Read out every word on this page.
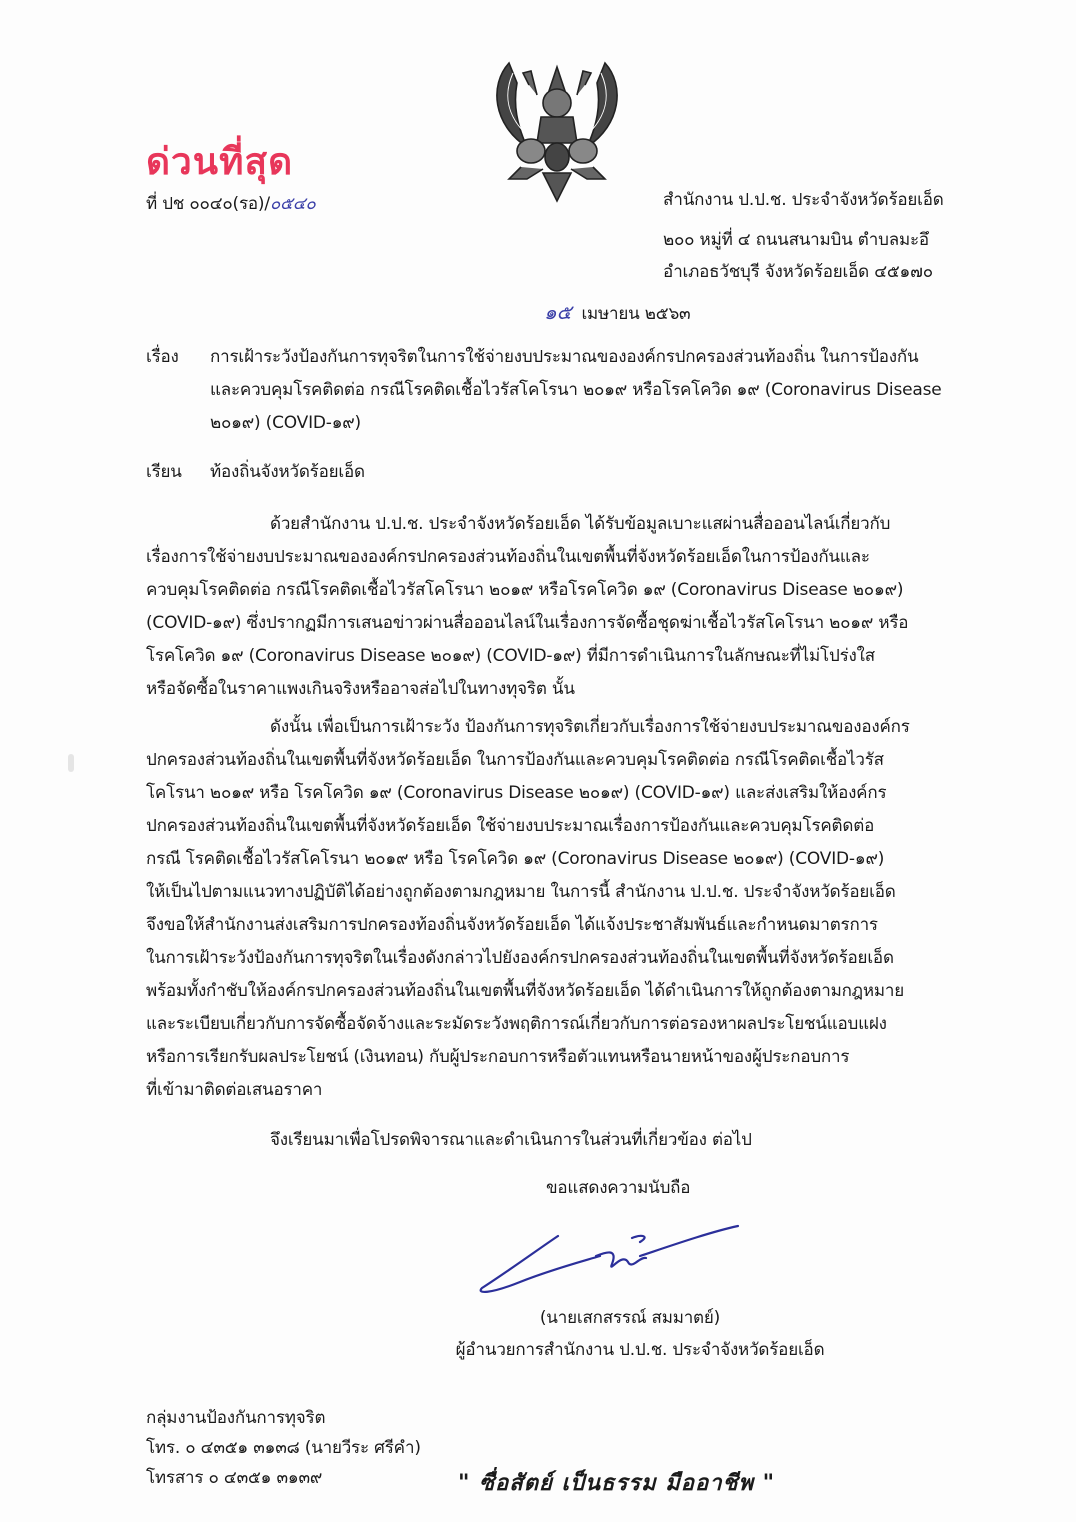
ด่วนที่สุด
ที่ ปช ๐๐๔๐(รอ)/๐๕๔๐	สำนักงาน ป.ป.ช. ประจำจังหวัดร้อยเอ็ด
๒๐๐ หมู่ที่ ๔ ถนนสนามบิน ตำบลมะอึ
อำเภอธวัชบุรี จังหวัดร้อยเอ็ด ๔๕๑๗๐
๑๕ เมษายน ๒๕๖๓
เรื่อง การเฝ้าระวังป้องกันการทุจริตในการใช้จ่ายงบประมาณขององค์กรปกครองส่วนท้องถิ่น ในการป้องกัน
และควบคุมโรคติดต่อ กรณีโรคติดเชื้อไวรัสโคโรนา ๒๐๑๙ หรือโรคโควิด ๑๙ (Coronavirus Disease
๒๐๑๙) (COVID-๑๙)
เรียน ท้องถิ่นจังหวัดร้อยเอ็ด
ด้วยสำนักงาน ป.ป.ช. ประจำจังหวัดร้อยเอ็ด ได้รับข้อมูลเบาะแสผ่านสื่อออนไลน์เกี่ยวกับ
เรื่องการใช้จ่ายงบประมาณขององค์กรปกครองส่วนท้องถิ่นในเขตพื้นที่จังหวัดร้อยเอ็ดในการป้องกันและ
ควบคุมโรคติดต่อ กรณีโรคติดเชื้อไวรัสโคโรนา ๒๐๑๙ หรือโรคโควิด ๑๙ (Coronavirus Disease ๒๐๑๙)
(COVID-๑๙) ซึ่งปรากฏมีการเสนอข่าวผ่านสื่อออนไลน์ในเรื่องการจัดซื้อชุดฆ่าเชื้อไวรัสโคโรนา ๒๐๑๙ หรือ
โรคโควิด ๑๙ (Coronavirus Disease ๒๐๑๙) (COVID-๑๙) ที่มีการดำเนินการในลักษณะที่ไม่โปร่งใส
หรือจัดซื้อในราคาแพงเกินจริงหรืออาจส่อไปในทางทุจริต นั้น
ดังนั้น เพื่อเป็นการเฝ้าระวัง ป้องกันการทุจริตเกี่ยวกับเรื่องการใช้จ่ายงบประมาณขององค์กร
ปกครองส่วนท้องถิ่นในเขตพื้นที่จังหวัดร้อยเอ็ด ในการป้องกันและควบคุมโรคติดต่อ กรณีโรคติดเชื้อไวรัส
โคโรนา ๒๐๑๙ หรือ โรคโควิด ๑๙ (Coronavirus Disease ๒๐๑๙) (COVID-๑๙) และส่งเสริมให้องค์กร
ปกครองส่วนท้องถิ่นในเขตพื้นที่จังหวัดร้อยเอ็ด ใช้จ่ายงบประมาณเรื่องการป้องกันและควบคุมโรคติดต่อ
กรณี โรคติดเชื้อไวรัสโคโรนา ๒๐๑๙ หรือ โรคโควิด ๑๙ (Coronavirus Disease ๒๐๑๙) (COVID-๑๙)
ให้เป็นไปตามแนวทางปฏิบัติได้อย่างถูกต้องตามกฎหมาย ในการนี้ สำนักงาน ป.ป.ช. ประจำจังหวัดร้อยเอ็ด
จึงขอให้สำนักงานส่งเสริมการปกครองท้องถิ่นจังหวัดร้อยเอ็ด ได้แจ้งประชาสัมพันธ์และกำหนดมาตรการ
ในการเฝ้าระวังป้องกันการทุจริตในเรื่องดังกล่าวไปยังองค์กรปกครองส่วนท้องถิ่นในเขตพื้นที่จังหวัดร้อยเอ็ด
พร้อมทั้งกำชับให้องค์กรปกครองส่วนท้องถิ่นในเขตพื้นที่จังหวัดร้อยเอ็ด ได้ดำเนินการให้ถูกต้องตามกฎหมาย
และระเบียบเกี่ยวกับการจัดซื้อจัดจ้างและระมัดระวังพฤติการณ์เกี่ยวกับการต่อรองหาผลประโยชน์แอบแฝง
หรือการเรียกรับผลประโยชน์ (เงินทอน) กับผู้ประกอบการหรือตัวแทนหรือนายหน้าของผู้ประกอบการ
ที่เข้ามาติดต่อเสนอราคา
จึงเรียนมาเพื่อโปรดพิจารณาและดำเนินการในส่วนที่เกี่ยวข้อง ต่อไป
ขอแสดงความนับถือ
(นายเสกสรรณ์ สมมาตย์)
ผู้อำนวยการสำนักงาน ป.ป.ช. ประจำจังหวัดร้อยเอ็ด
กลุ่มงานป้องกันการทุจริต
โทร. ๐ ๔๓๕๑ ๓๑๓๘ (นายวีระ ศรีคำ)
โทรสาร ๐ ๔๓๕๑ ๓๑๓๙	" ซื่อสัตย์ เป็นธรรม มืออาชีพ "
